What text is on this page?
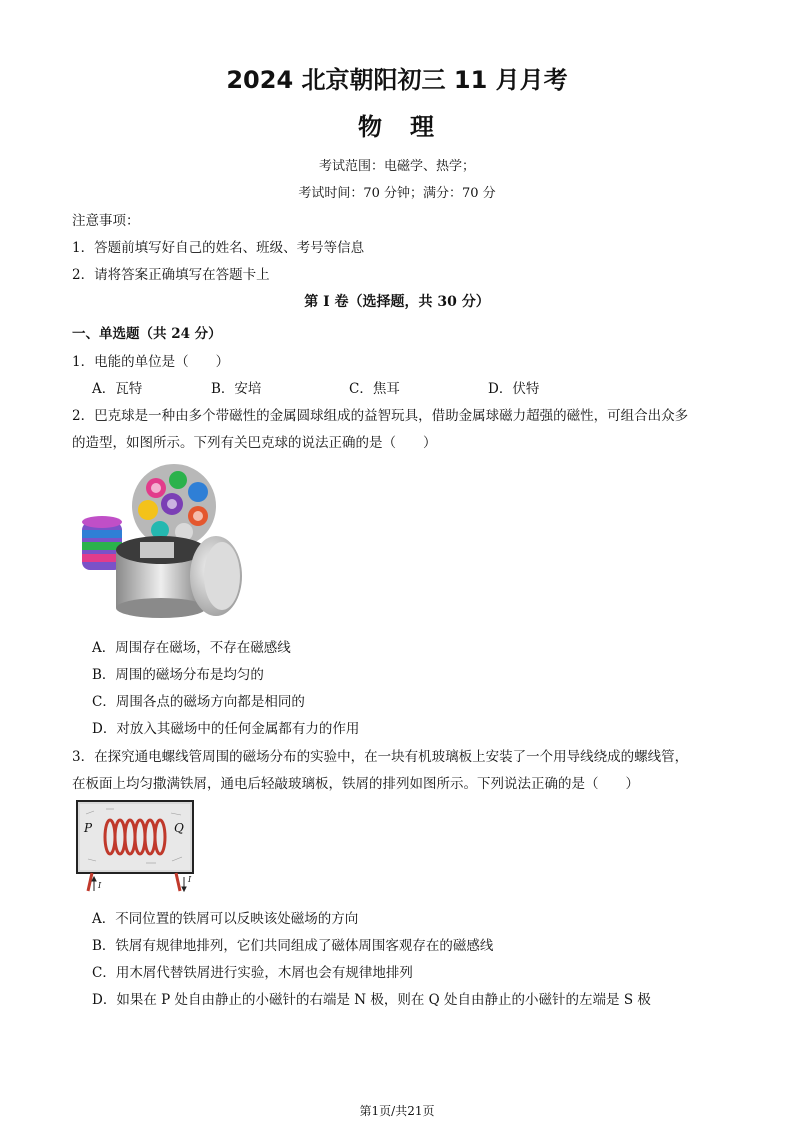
2024 北京朝阳初三 11 月月考
物　理
考试范围：电磁学、热学；
考试时间：70 分钟；满分：70 分
注意事项：
1．答题前填写好自己的姓名、班级、考号等信息
2．请将答案正确填写在答题卡上
第 I 卷（选择题，共 30 分）
一、单选题（共 24 分）
1．电能的单位是（　　）
A．瓦特	B．安培	C．焦耳	D．伏特
2．巴克球是一种由多个带磁性的金属圆球组成的益智玩具，借助金属球磁力超强的磁性，可组合出众多
的造型，如图所示。下列有关巴克球的说法正确的是（　　）
A．周围存在磁场，不存在磁感线
B．周围的磁场分布是均匀的
C．周围各点的磁场方向都是相同的
D．对放入其磁场中的任何金属都有力的作用
3．在探究通电螺线管周围的磁场分布的实验中，在一块有机玻璃板上安装了一个用导线绕成的螺线管，
在板面上均匀撒满铁屑，通电后轻敲玻璃板，铁屑的排列如图所示。下列说法正确的是（　　）
P	Q
I
I
A．不同位置的铁屑可以反映该处磁场的方向
B．铁屑有规律地排列，它们共同组成了磁体周围客观存在的磁感线
C．用木屑代替铁屑进行实验，木屑也会有规律地排列
D．如果在 P 处自由静止的小磁针的右端是 N 极，则在 Q 处自由静止的小磁针的左端是 S 极
第1页/共21页
